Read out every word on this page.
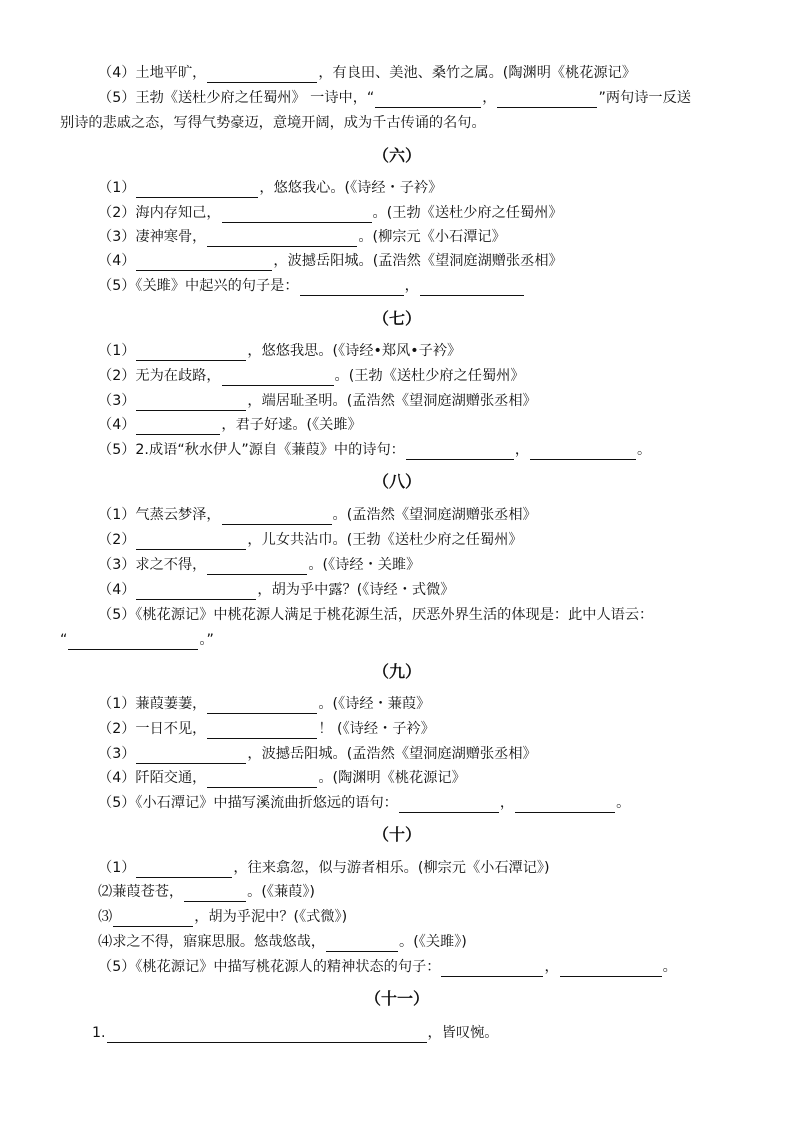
（4）土地平旷，	，有良田、美池、桑竹之属。(陶渊明《桃花源记》
（5）王勃《送杜少府之任蜀州》 一诗中，“	，	”两句诗一反送
别诗的悲戚之态，写得气势豪迈，意境开阔，成为千古传诵的名句。
（六）
（1）	，悠悠我心。(《诗经・子衿》
（2）海内存知己，	。(王勃《送杜少府之任蜀州》
（3）凄神寒骨，	。(柳宗元《小石潭记》
（4）	，波撼岳阳城。(孟浩然《望洞庭湖赠张丞相》
（5）《关雎》中起兴的句子是：	，
（七）
（1）	，悠悠我思。(《诗经•郑风•子衿》
（2）无为在歧路，	。(王勃《送杜少府之任蜀州》
（3）	，端居耻圣明。(孟浩然《望洞庭湖赠张丞相》
（4）	，君子好逑。(《关雎》
（5）2.成语“秋水伊人”源自《蒹葭》中的诗句：	，	。
（八）
（1）气蒸云梦泽，	。(孟浩然《望洞庭湖赠张丞相》
（2）	，儿女共沾巾。(王勃《送杜少府之任蜀州》
（3）求之不得，	。(《诗经・关雎》
（4）	，胡为乎中露？(《诗经・式微》
（5）《桃花源记》中桃花源人满足于桃花源生活，厌恶外界生活的体现是：此中人语云：
“	。”
（九）
（1）蒹葭萋萋，	。(《诗经・蒹葭》
（2）一日不见，	！ (《诗经・子衿》
（3）	，波撼岳阳城。(孟浩然《望洞庭湖赠张丞相》
（4）阡陌交通，	。(陶渊明《桃花源记》
（5）《小石潭记》中描写溪流曲折悠远的语句：	，	。
（十）
（1）	，往来翕忽，似与游者相乐。(柳宗元《小石潭记》)
⑵蒹葭苍苍，	。(《蒹葭》)
⑶	，胡为乎泥中？(《式微》)
⑷求之不得，寤寐思服。悠哉悠哉，	。(《关雎》)
（5）《桃花源记》中描写桃花源人的精神状态的句子：	，	。
（十一）
1.	，皆叹惋。
